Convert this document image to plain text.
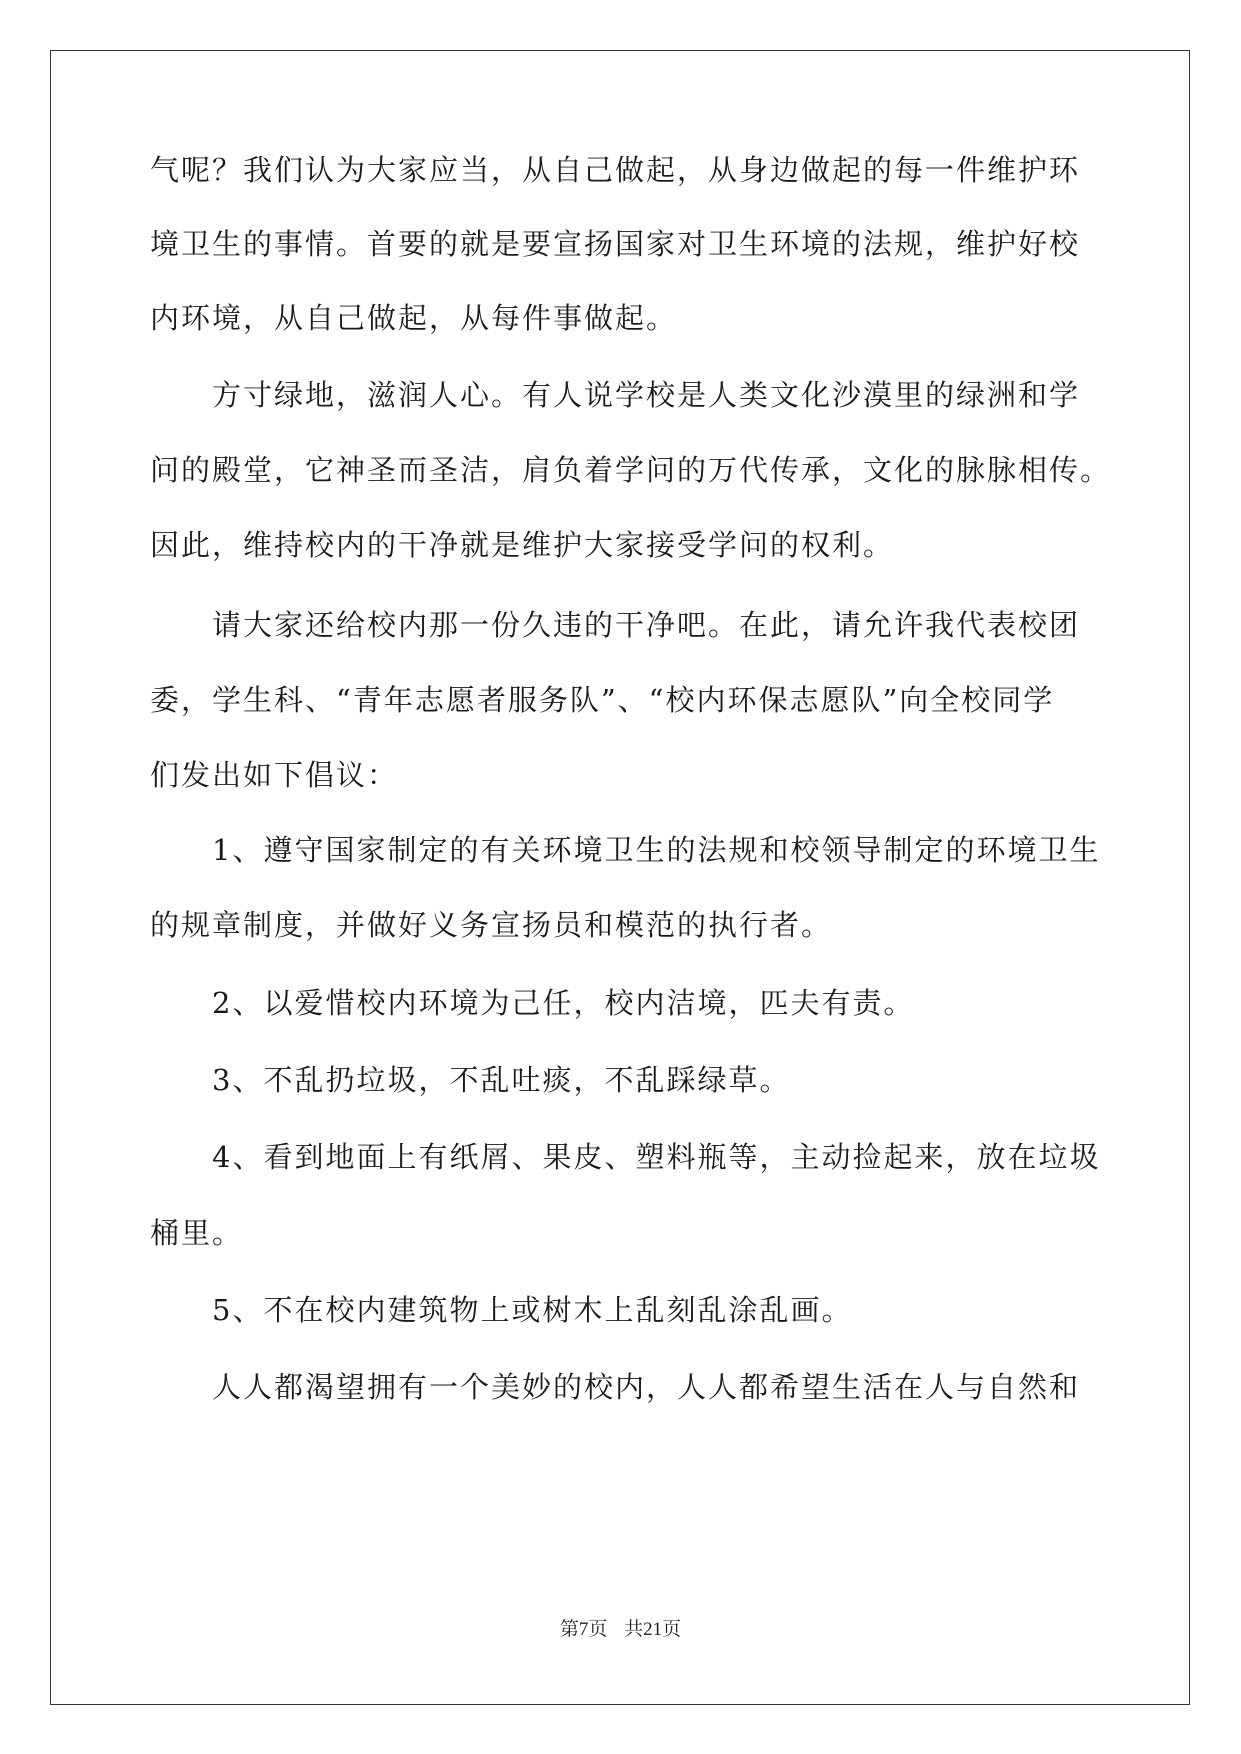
气呢？我们认为大家应当，从自己做起，从身边做起的每一件维护环
境卫生的事情。首要的就是要宣扬国家对卫生环境的法规，维护好校
内环境，从自己做起，从每件事做起。
方寸绿地，滋润人心。有人说学校是人类文化沙漠里的绿洲和学
问的殿堂，它神圣而圣洁，肩负着学问的万代传承，文化的脉脉相传。
因此，维持校内的干净就是维护大家接受学问的权利。
请大家还给校内那一份久违的干净吧。在此，请允许我代表校团
委，学生科、“青年志愿者服务队”、“校内环保志愿队”向全校同学
们发出如下倡议：
1、遵守国家制定的有关环境卫生的法规和校领导制定的环境卫生
的规章制度，并做好义务宣扬员和模范的执行者。
2、以爱惜校内环境为己任，校内洁境，匹夫有责。
3、不乱扔垃圾，不乱吐痰，不乱踩绿草。
4、看到地面上有纸屑、果皮、塑料瓶等，主动捡起来，放在垃圾
桶里。
5、不在校内建筑物上或树木上乱刻乱涂乱画。
人人都渴望拥有一个美妙的校内，人人都希望生活在人与自然和
第7页 共21页
